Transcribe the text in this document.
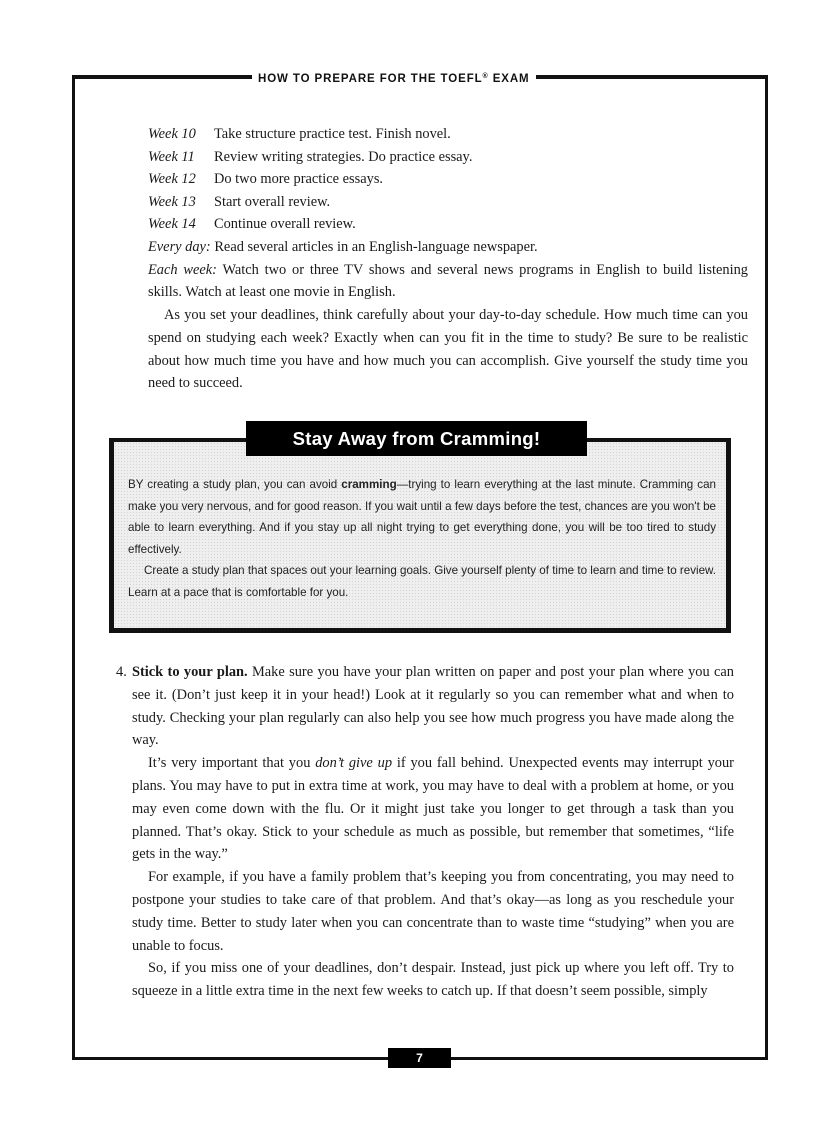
HOW TO PREPARE FOR THE TOEFL® EXAM
Week 10	Take structure practice test. Finish novel.
Week 11	Review writing strategies. Do practice essay.
Week 12	Do two more practice essays.
Week 13	Start overall review.
Week 14	Continue overall review.

Every day: Read several articles in an English-language newspaper.

Each week: Watch two or three TV shows and several news programs in English to build listening skills. Watch at least one movie in English.

As you set your deadlines, think carefully about your day-to-day schedule. How much time can you spend on studying each week? Exactly when can you fit in the time to study? Be sure to be realistic about how much time you have and how much you can accomplish. Give yourself the study time you need to succeed.

Stay Away from Cramming!

BY creating a study plan, you can avoid cramming—trying to learn everything at the last minute. Cramming can make you very nervous, and for good reason. If you wait until a few days before the test, chances are you won't be able to learn everything. And if you stay up all night trying to get everything done, you will be too tired to study effectively.

Create a study plan that spaces out your learning goals. Give yourself plenty of time to learn and time to review. Learn at a pace that is comfortable for you.

4. Stick to your plan. Make sure you have your plan written on paper and post your plan where you can see it. (Don’t just keep it in your head!) Look at it regularly so you can remember what and when to study. Checking your plan regularly can also help you see how much progress you have made along the way.

It’s very important that you don’t give up if you fall behind. Unexpected events may interrupt your plans. You may have to put in extra time at work, you may have to deal with a problem at home, or you may even come down with the flu. Or it might just take you longer to get through a task than you planned. That’s okay. Stick to your schedule as much as possible, but remember that sometimes, “life gets in the way.”

For example, if you have a family problem that’s keeping you from concentrating, you may need to postpone your studies to take care of that problem. And that’s okay—as long as you reschedule your study time. Better to study later when you can concentrate than to waste time “studying” when you are unable to focus.

So, if you miss one of your deadlines, don’t despair. Instead, just pick up where you left off. Try to squeeze in a little extra time in the next few weeks to catch up. If that doesn’t seem possible, simply

7
